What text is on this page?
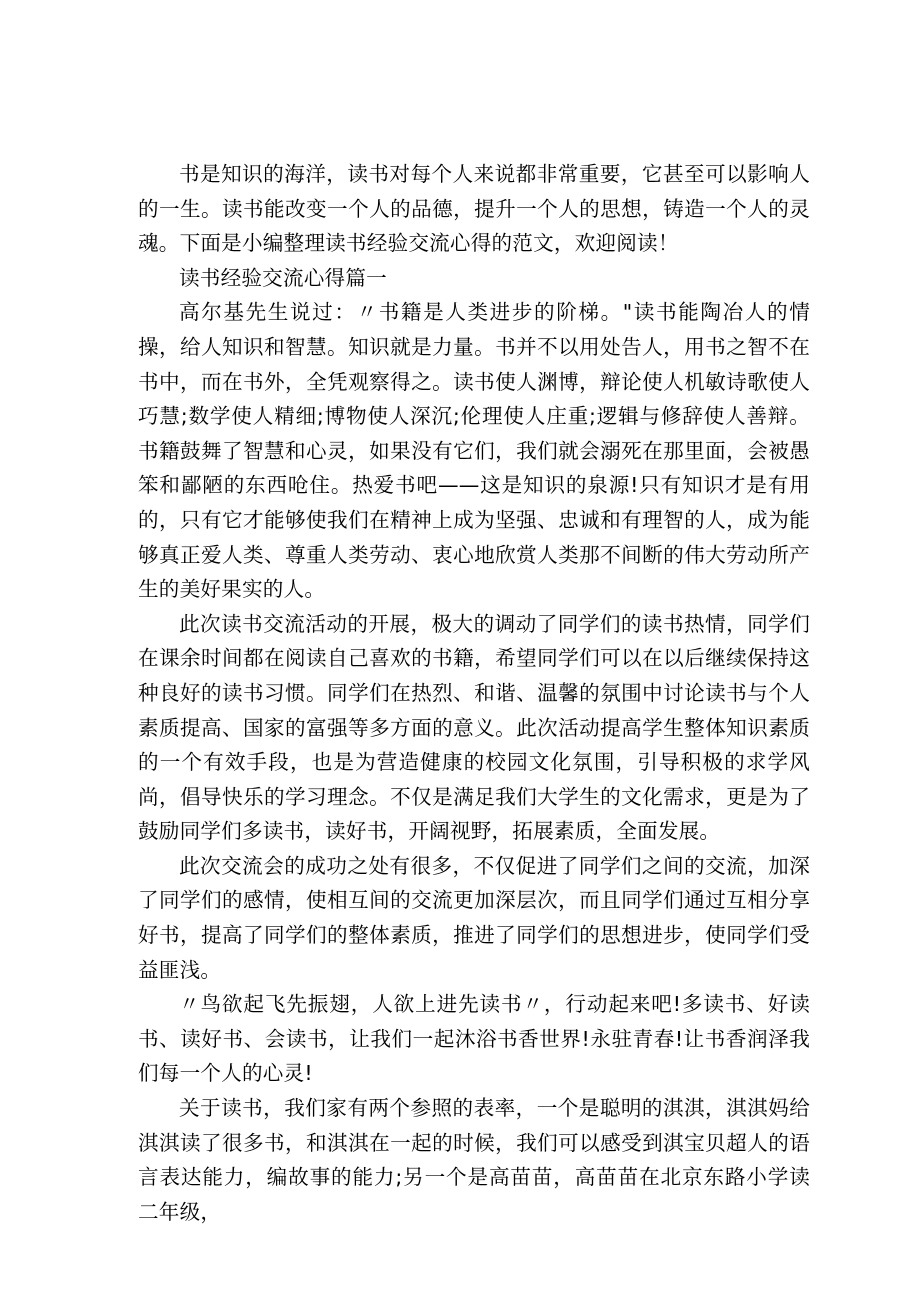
书是知识的海洋，读书对每个人来说都非常重要，它甚至可以影响人的一生。读书能改变一个人的品德，提升一个人的思想，铸造一个人的灵魂。下面是小编整理读书经验交流心得的范文，欢迎阅读！

读书经验交流心得篇一

高尔基先生说过：〃书籍是人类进步的阶梯。"读书能陶冶人的情操，给人知识和智慧。知识就是力量。书并不以用处告人，用书之智不在书中，而在书外，全凭观察得之。读书使人渊博，辩论使人机敏诗歌使人巧慧;数学使人精细;博物使人深沉;伦理使人庄重;逻辑与修辞使人善辩。书籍鼓舞了智慧和心灵，如果没有它们，我们就会溺死在那里面，会被愚笨和鄙陋的东西呛住。热爱书吧——这是知识的泉源!只有知识才是有用的，只有它才能够使我们在精神上成为坚强、忠诚和有理智的人，成为能够真正爱人类、尊重人类劳动、衷心地欣赏人类那不间断的伟大劳动所产生的美好果实的人。

此次读书交流活动的开展，极大的调动了同学们的读书热情，同学们在课余时间都在阅读自己喜欢的书籍，希望同学们可以在以后继续保持这种良好的读书习惯。同学们在热烈、和谐、温馨的氛围中讨论读书与个人素质提高、国家的富强等多方面的意义。此次活动提高学生整体知识素质的一个有效手段，也是为营造健康的校园文化氛围，引导积极的求学风尚，倡导快乐的学习理念。不仅是满足我们大学生的文化需求，更是为了鼓励同学们多读书，读好书，开阔视野，拓展素质，全面发展。

此次交流会的成功之处有很多，不仅促进了同学们之间的交流，加深了同学们的感情，使相互间的交流更加深层次，而且同学们通过互相分享好书，提高了同学们的整体素质，推进了同学们的思想进步，使同学们受益匪浅。

〃鸟欲起飞先振翅，人欲上进先读书〃，行动起来吧!多读书、好读书、读好书、会读书，让我们一起沐浴书香世界!永驻青春!让书香润泽我们每一个人的心灵!

关于读书，我们家有两个参照的表率，一个是聪明的淇淇，淇淇妈给淇淇读了很多书，和淇淇在一起的时候，我们可以感受到淇宝贝超人的语言表达能力，编故事的能力;另一个是高苗苗，高苗苗在北京东路小学读二年级，
